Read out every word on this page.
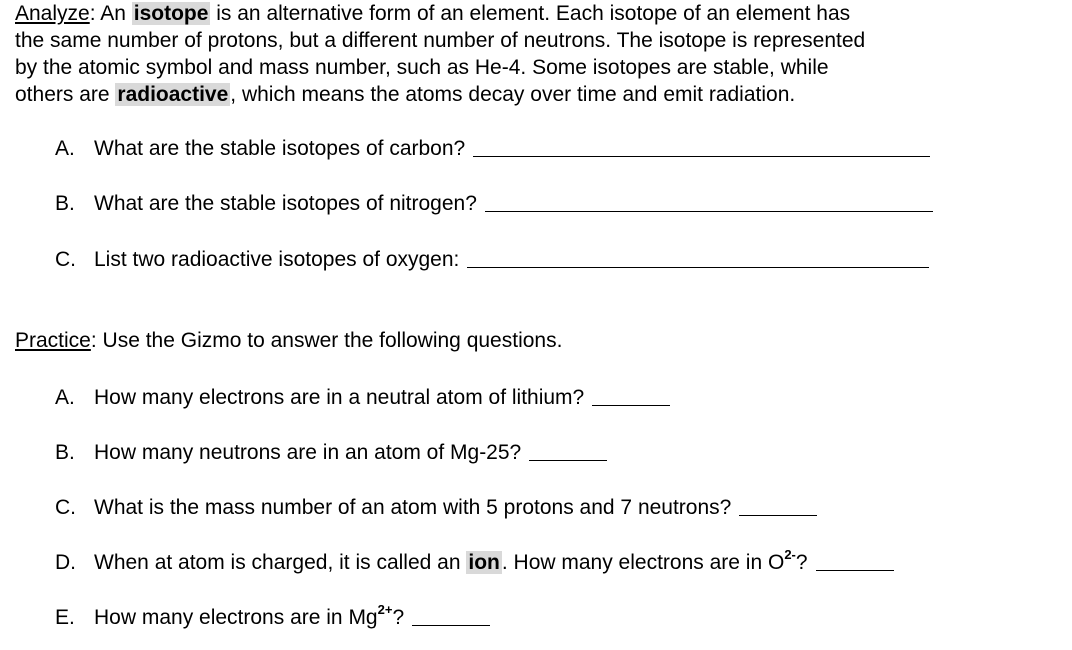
Analyze: An isotope is an alternative form of an element. Each isotope of an element has
the same number of protons, but a different number of neutrons. The isotope is represented
by the atomic symbol and mass number, such as He-4. Some isotopes are stable, while
others are radioactive, which means the atoms decay over time and emit radiation.
A. What are the stable isotopes of carbon?
B. What are the stable isotopes of nitrogen?
C. List two radioactive isotopes of oxygen:
Practice: Use the Gizmo to answer the following questions.
A. How many electrons are in a neutral atom of lithium?
B. How many neutrons are in an atom of Mg-25?
C. What is the mass number of an atom with 5 protons and 7 neutrons?
D. When at atom is charged, it is called an ion. How many electrons are in $O^{2-}$?
E. How many electrons are in $Mg^{2+}$?
